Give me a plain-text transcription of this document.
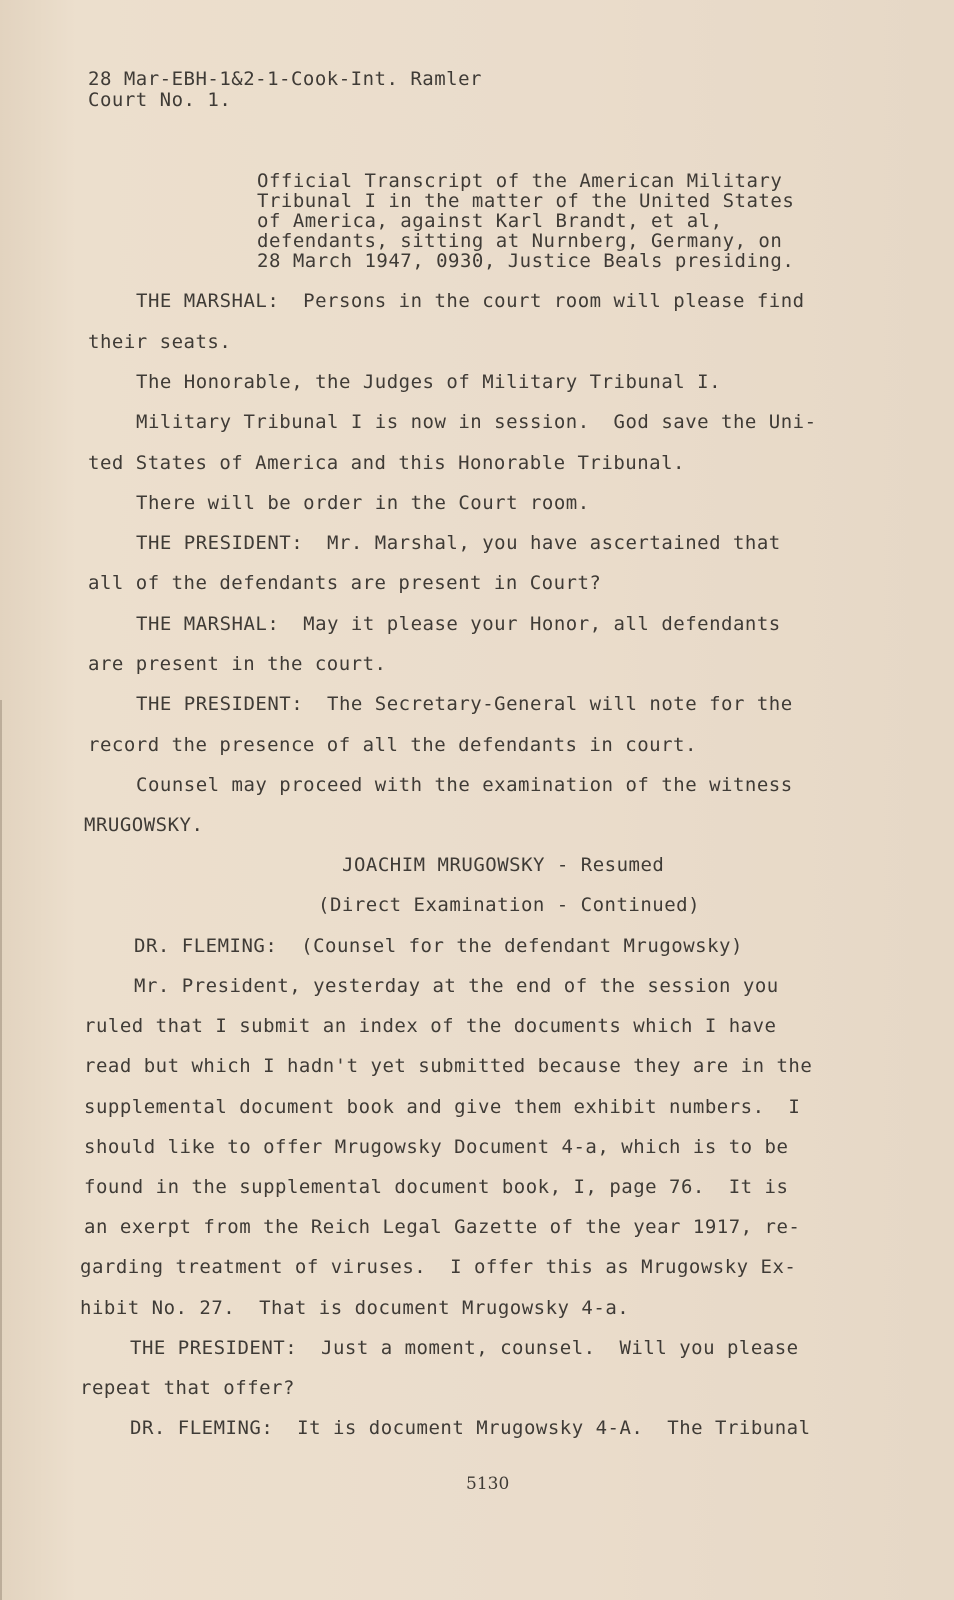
28 Mar-EBH-1&2-1-Cook-Int. Ramler
Court No. 1.
Official Transcript of the American Military
Tribunal I in the matter of the United States
of America, against Karl Brandt, et al,
defendants, sitting at Nurnberg, Germany, on
28 March 1947, 0930, Justice Beals presiding.
THE MARSHAL:  Persons in the court room will please find
their seats.
The Honorable, the Judges of Military Tribunal I.
Military Tribunal I is now in session.  God save the Uni-
ted States of America and this Honorable Tribunal.
There will be order in the Court room.
THE PRESIDENT:  Mr. Marshal, you have ascertained that
all of the defendants are present in Court?
THE MARSHAL:  May it please your Honor, all defendants
are present in the court.
THE PRESIDENT:  The Secretary-General will note for the
record the presence of all the defendants in court.
Counsel may proceed with the examination of the witness
MRUGOWSKY.
JOACHIM MRUGOWSKY - Resumed
(Direct Examination - Continued)
DR. FLEMING:  (Counsel for the defendant Mrugowsky)
Mr. President, yesterday at the end of the session you
ruled that I submit an index of the documents which I have
read but which I hadn't yet submitted because they are in the
supplemental document book and give them exhibit numbers.  I
should like to offer Mrugowsky Document 4-a, which is to be
found in the supplemental document book, I, page 76.  It is
an exerpt from the Reich Legal Gazette of the year 1917, re-
garding treatment of viruses.  I offer this as Mrugowsky Ex-
hibit No. 27.  That is document Mrugowsky 4-a.
THE PRESIDENT:  Just a moment, counsel.  Will you please
repeat that offer?
DR. FLEMING:  It is document Mrugowsky 4-A.  The Tribunal
5130
